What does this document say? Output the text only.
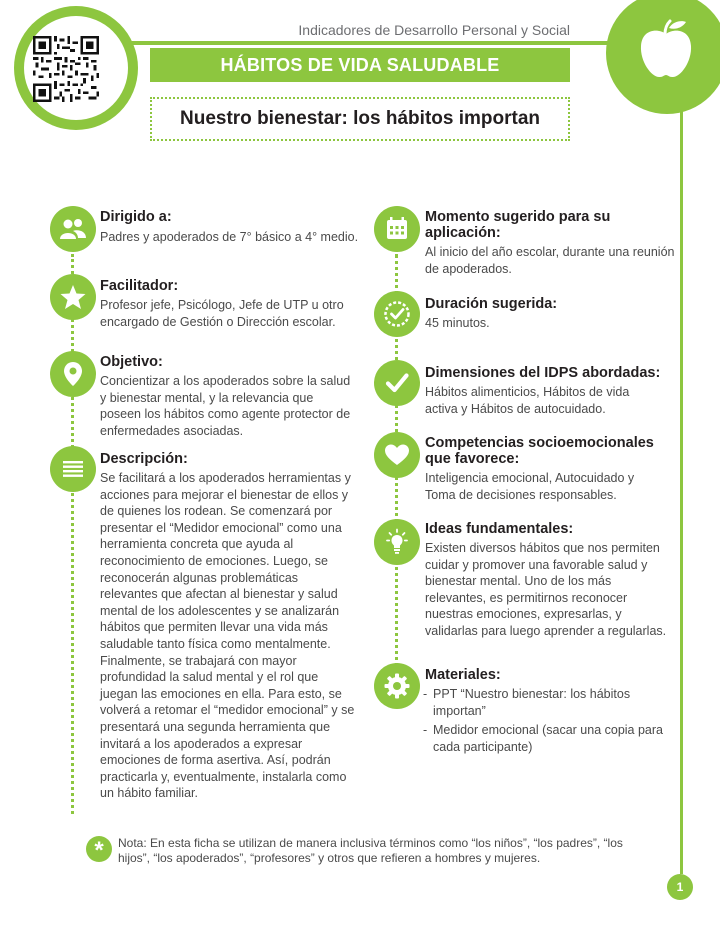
1
Indicadores de Desarrollo Personal y Social
HÁBITOS DE VIDA SALUDABLE
Nuestro bienestar: los hábitos importan
Dirigido a:
Padres y apoderados de 7° básico a 4° medio.
Facilitador:
Profesor jefe, Psicólogo, Jefe de UTP u otro encargado de Gestión o Dirección escolar.
Objetivo:
Concientizar a los apoderados sobre la salud y bienestar mental, y la relevancia que poseen los hábitos como agente protector de enfermedades asociadas.
Descripción:
Se facilitará a los apoderados herramientas y acciones para mejorar el bienestar de ellos y de quienes los rodean. Se comenzará por presentar el “Medidor emocional” como una herramienta concreta que ayuda al reconocimiento de emociones. Luego, se reconocerán algunas problemáticas relevantes que afectan al bienestar y salud mental de los adolescentes y se analizarán hábitos que permiten llevar una vida más saludable tanto física como mentalmente. Finalmente, se trabajará con mayor profundidad la salud mental y el rol que juegan las emociones en ella. Para esto, se volverá a retomar el “medidor emocional” y se presentará una segunda herramienta que invitará a los apoderados a expresar emociones de forma asertiva. Así, podrán practicarla y, eventualmente, instalarla como un hábito familiar.
Momento sugerido para su aplicación:
Al inicio del año escolar, durante una reunión de apoderados.
Duración sugerida:
45 minutos.
Dimensiones del IDPS abordadas:
Hábitos alimenticios, Hábitos de vida activa y Hábitos de autocuidado.
Competencias socioemocionales que favorece:
Inteligencia emocional, Autocuidado y Toma de decisiones responsables.
Ideas fundamentales:
Existen diversos hábitos que nos permiten cuidar y promover una favorable salud y bienestar mental. Uno de los más relevantes, es permitirnos reconocer nuestras emociones, expresarlas, y validarlas para luego aprender a regularlas.
Materiales:
- PPT “Nuestro bienestar: los hábitos importan”
- Medidor emocional (sacar una copia para cada participante)
*	Nota: En esta ficha se utilizan de manera inclusiva términos como “los niños”, “los padres”, “los hijos”, “los apoderados”, “profesores” y otros que refieren a hombres y mujeres.
